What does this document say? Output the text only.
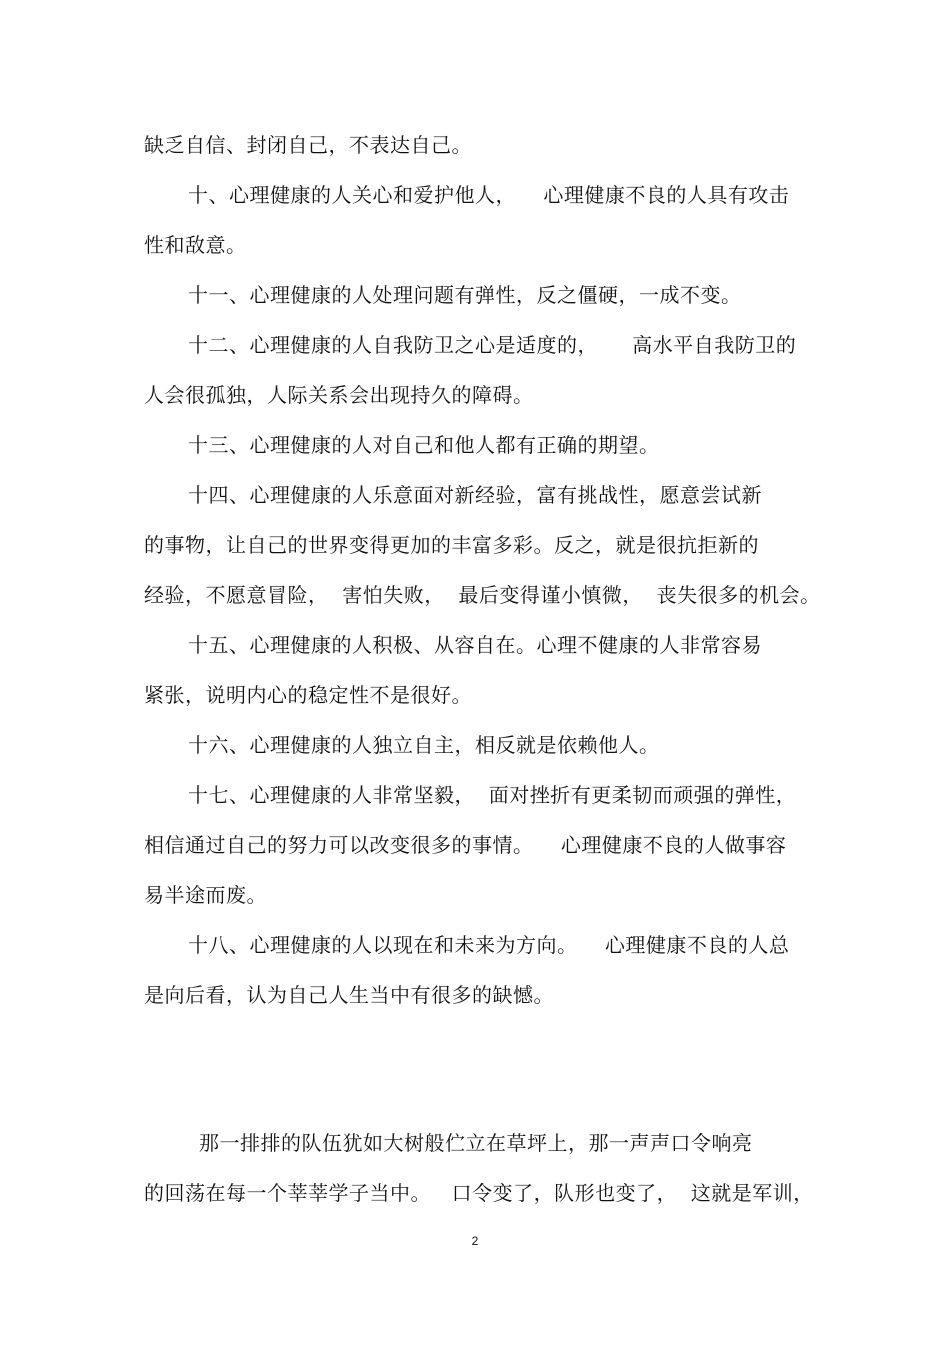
缺乏自信、封闭自己，不表达自己。
十、心理健康的人关心和爱护他人，    心理健康不良的人具有攻击
性和敌意。
十一、心理健康的人处理问题有弹性，反之僵硬，一成不变。
十二、心理健康的人自我防卫之心是适度的，     高水平自我防卫的
人会很孤独，人际关系会出现持久的障碍。
十三、心理健康的人对自己和他人都有正确的期望。
十四、心理健康的人乐意面对新经验，富有挑战性，愿意尝试新
的事物，让自己的世界变得更加的丰富多彩。反之，就是很抗拒新的
经验，不愿意冒险，  害怕失败，  最后变得谨小慎微，  丧失很多的机会。
十五、心理健康的人积极、从容自在。心理不健康的人非常容易
紧张，说明内心的稳定性不是很好。
十六、心理健康的人独立自主，相反就是依赖他人。
十七、心理健康的人非常坚毅，  面对挫折有更柔韧而顽强的弹性，
相信通过自己的努力可以改变很多的事情。    心理健康不良的人做事容
易半途而废。
十八、心理健康的人以现在和未来为方向。    心理健康不良的人总
是向后看，认为自己人生当中有很多的缺憾。
那一排排的队伍犹如大树般伫立在草坪上，那一声声口令响亮
的回荡在每一个莘莘学子当中。   口令变了，队形也变了，  这就是军训，
2
